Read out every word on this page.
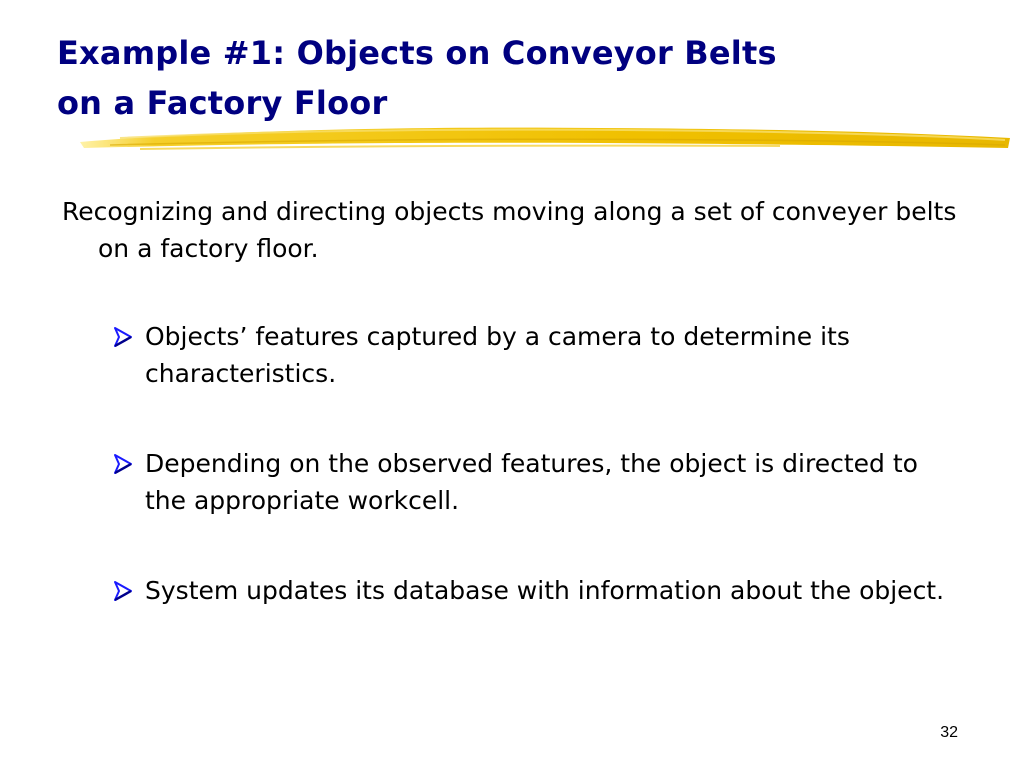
Example #1: Objects on Conveyor Belts
on a Factory Floor

Recognizing and directing objects moving along a set of conveyer belts on a factory floor.

Objects’ features captured by a camera to determine its characteristics.
Depending on the observed features, the object is directed to the appropriate workcell.
System updates its database with information about the object.
32
